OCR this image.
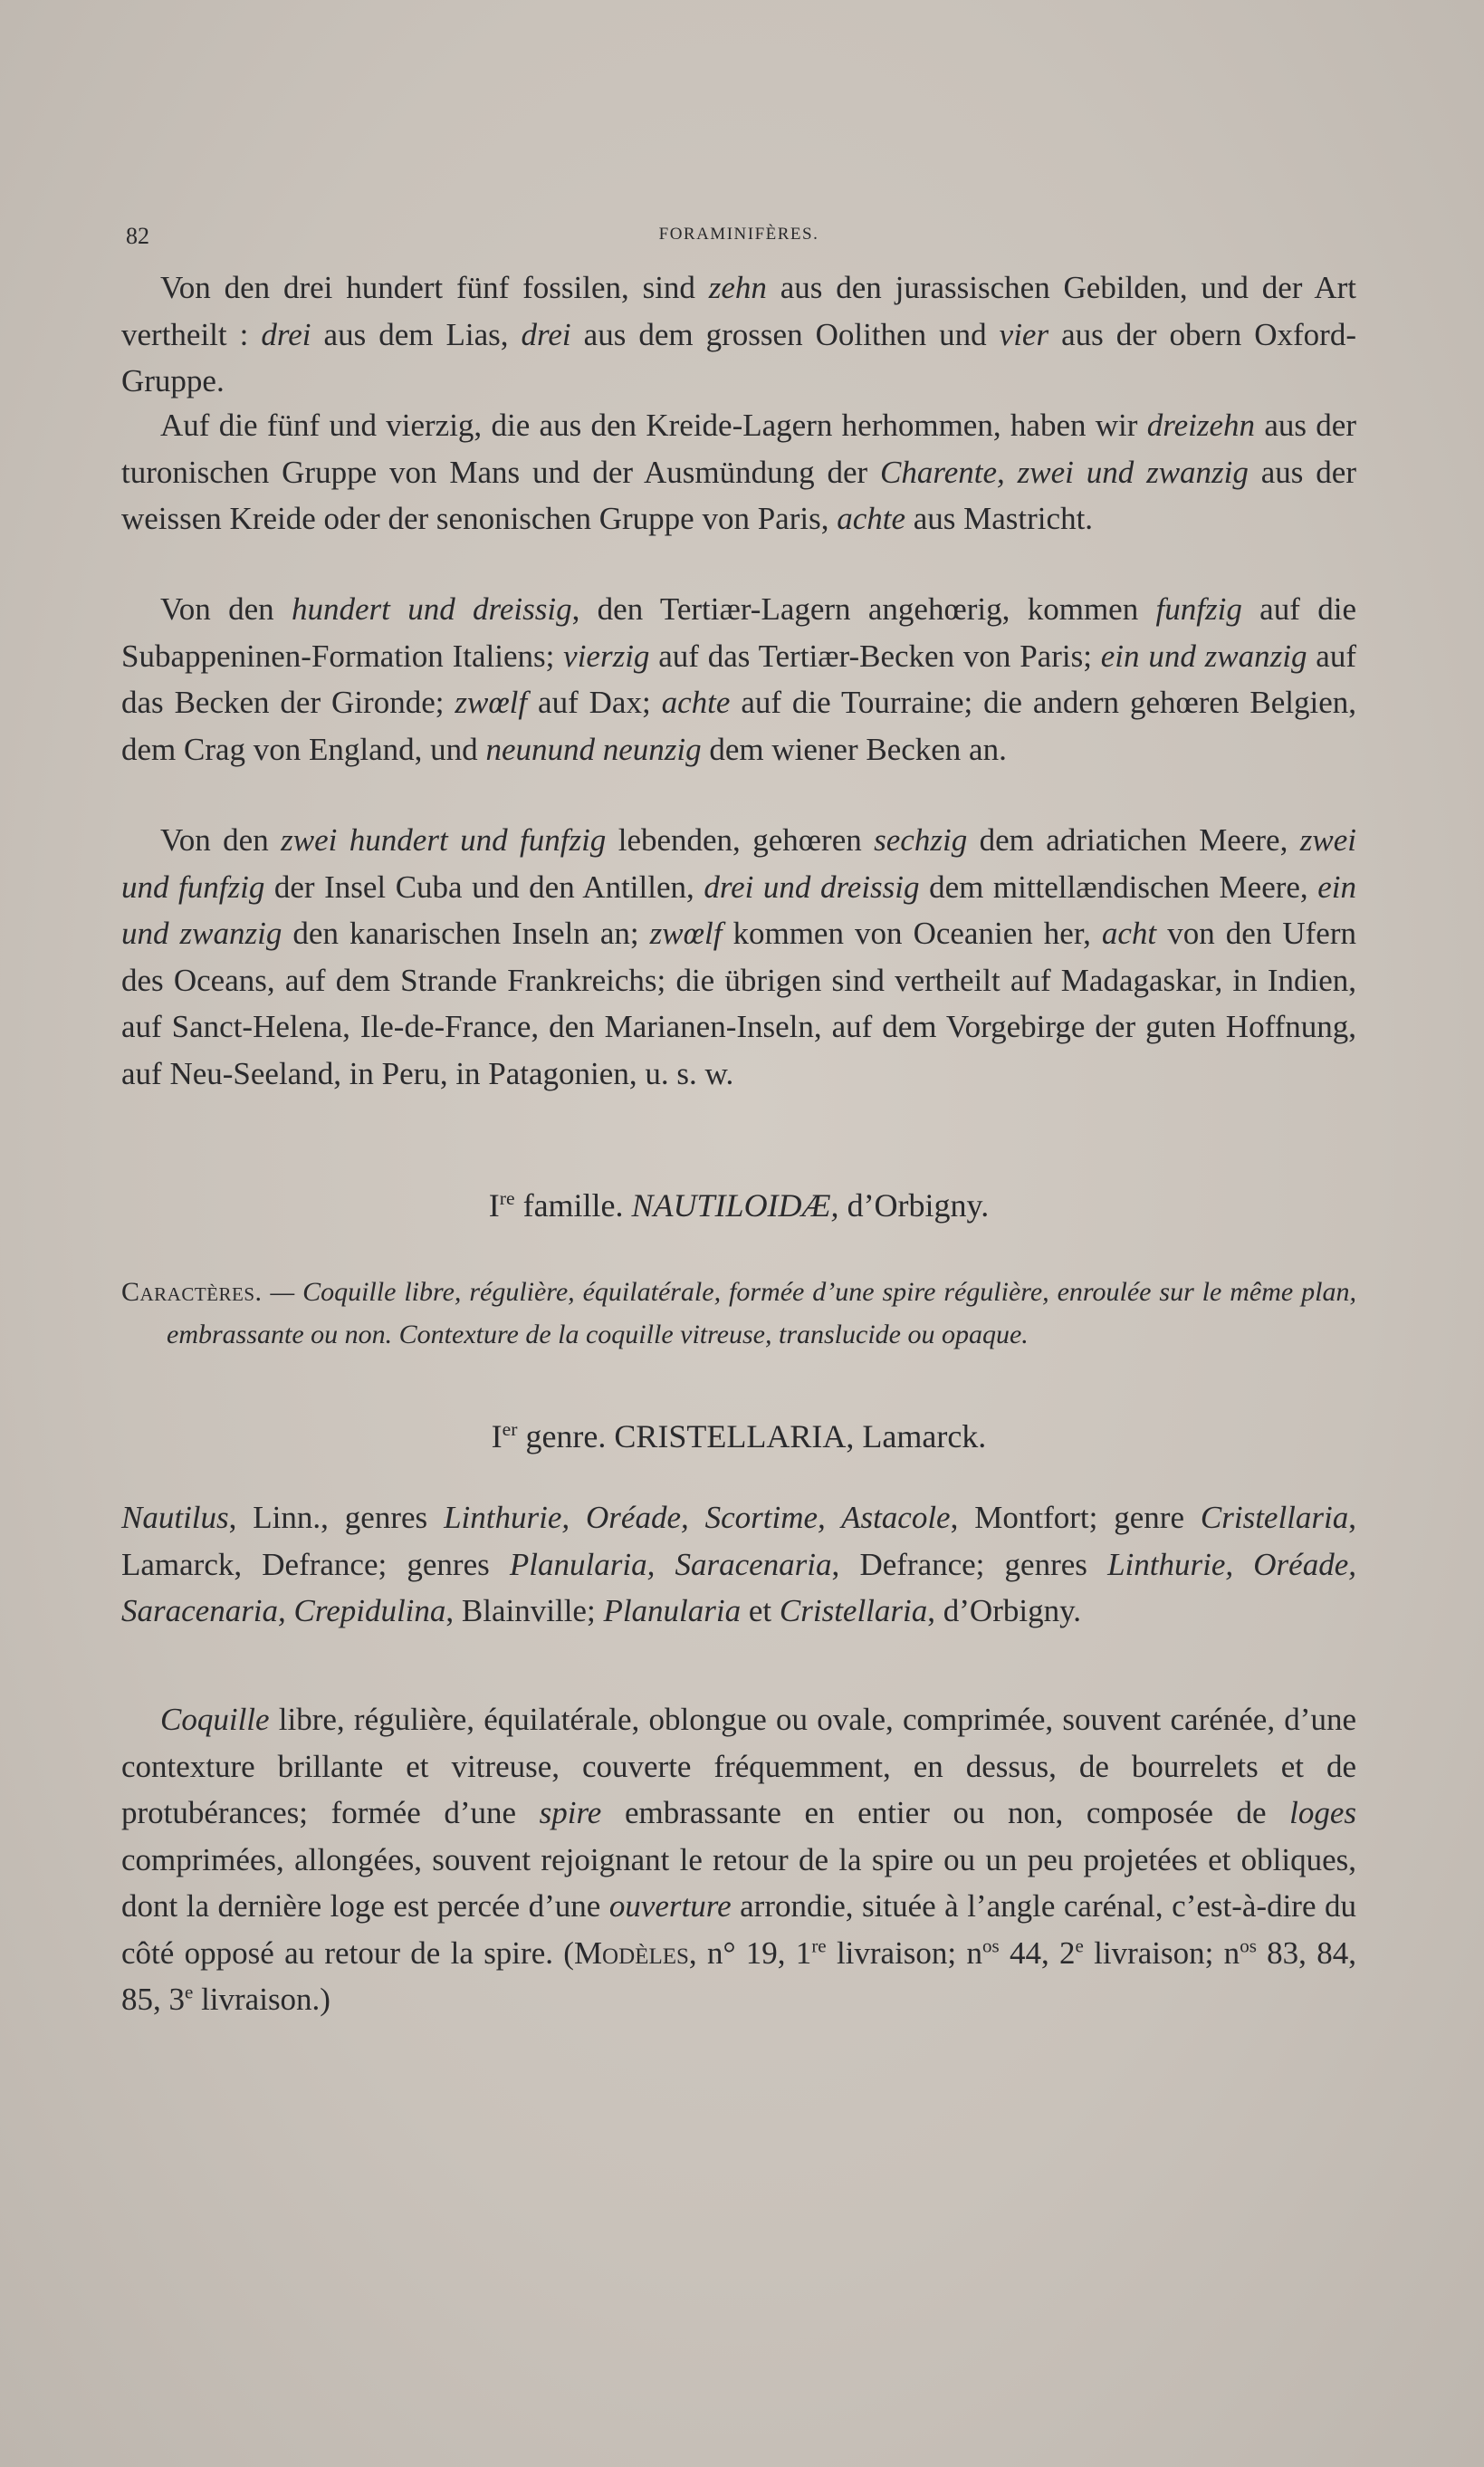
82	FORAMINIFÈRES.

Von den drei hundert fünf fossilen, sind zehn aus den jurassischen Gebilden, und der Art vertheilt : drei aus dem Lias, drei aus dem grossen Oolithen und vier aus der obern Oxford-Gruppe.

Auf die fünf und vierzig, die aus den Kreide-Lagern herhommen, haben wir dreizehn aus der turonischen Gruppe von Mans und der Ausmündung der Charente, zwei und zwanzig aus der weissen Kreide oder der senonischen Gruppe von Paris, achte aus Mastricht.

Von den hundert und dreissig, den Tertiær-Lagern angehœrig, kommen funfzig auf die Subappeninen-Formation Italiens; vierzig auf das Tertiær-Becken von Paris; ein und zwanzig auf das Becken der Gironde; zwœlf auf Dax; achte auf die Tourraine; die andern gehœren Belgien, dem Crag von England, und neunund neunzig dem wiener Becken an.

Von den zwei hundert und funfzig lebenden, gehœren sechzig dem adriatichen Meere, zwei und funfzig der Insel Cuba und den Antillen, drei und dreissig dem mittellændischen Meere, ein und zwanzig den kanarischen Inseln an; zwœlf kommen von Oceanien her, acht von den Ufern des Oceans, auf dem Strande Frankreichs; die übrigen sind vertheilt auf Madagaskar, in Indien, auf Sanct-Helena, Ile-de-France, den Marianen-Inseln, auf dem Vorgebirge der guten Hoffnung, auf Neu-Seeland, in Peru, in Patagonien, u. s. w.

Ire famille. NAUTILOIDÆ, d’Orbigny.

Caractères. — Coquille libre, régulière, équilatérale, formée d’une spire régulière, enroulée sur le même plan, embrassante ou non. Contexture de la coquille vitreuse, translucide ou opaque.

Ier genre. CRISTELLARIA, Lamarck.

Nautilus, Linn., genres Linthurie, Oréade, Scortime, Astacole, Montfort; genre Cristellaria, Lamarck, Defrance; genres Planularia, Saracenaria, Defrance; genres Linthurie, Oréade, Saracenaria, Crepidulina, Blainville; Planularia et Cristellaria, d’Orbigny.

Coquille libre, régulière, équilatérale, oblongue ou ovale, comprimée, souvent carénée, d’une contexture brillante et vitreuse, couverte fréquemment, en dessus, de bourrelets et de protubérances; formée d’une spire embrassante en entier ou non, composée de loges comprimées, allongées, souvent rejoignant le retour de la spire ou un peu projetées et obliques, dont la dernière loge est percée d’une ouverture arrondie, située à l’angle carénal, c’est-à-dire du côté opposé au retour de la spire. (Modèles, n° 19, 1re livraison; $n^{os}$ 44, 2e livraison; $n^{os}$ 83, 84, 85, 3e livraison.)
